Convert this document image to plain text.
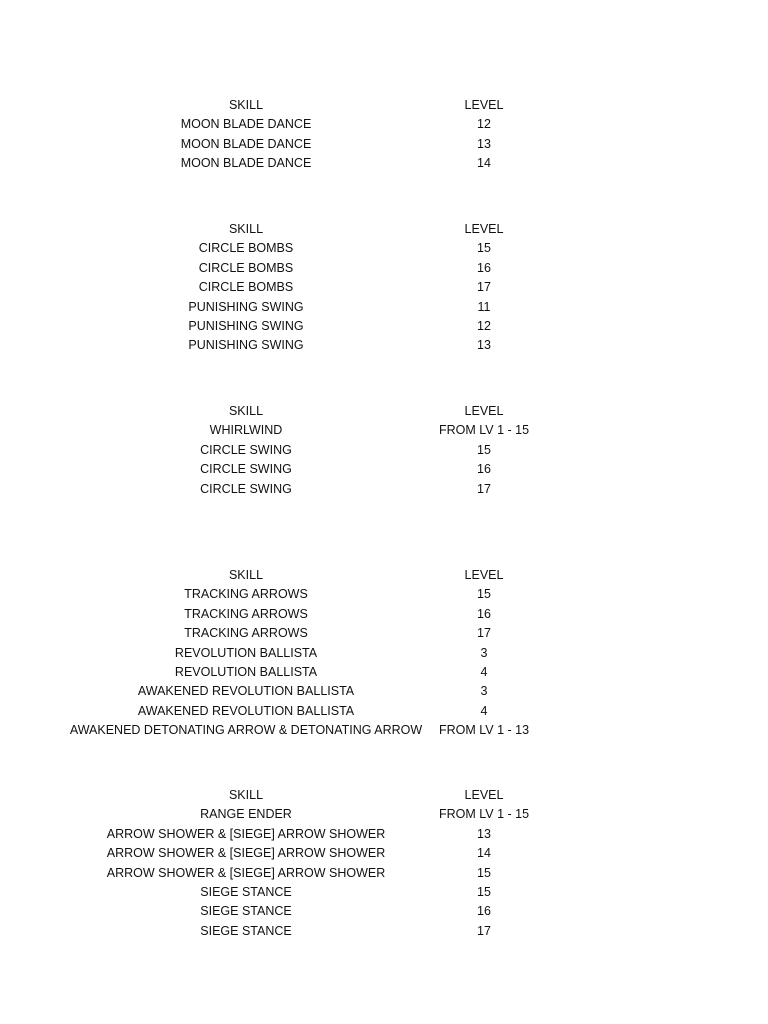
SKILL	LEVEL
MOON BLADE DANCE	12
MOON BLADE DANCE	13
MOON BLADE DANCE	14
SKILL	LEVEL
CIRCLE BOMBS	15
CIRCLE BOMBS	16
CIRCLE BOMBS	17
PUNISHING SWING	11
PUNISHING SWING	12
PUNISHING SWING	13
SKILL	LEVEL
WHIRLWIND	FROM LV 1 - 15
CIRCLE SWING	15
CIRCLE SWING	16
CIRCLE SWING	17
SKILL	LEVEL
TRACKING ARROWS	15
TRACKING ARROWS	16
TRACKING ARROWS	17
REVOLUTION BALLISTA	3
REVOLUTION BALLISTA	4
AWAKENED REVOLUTION BALLISTA	3
AWAKENED REVOLUTION BALLISTA	4
AWAKENED DETONATING ARROW & DETONATING ARROW FROM LV 1 - 13
SKILL	LEVEL
RANGE ENDER	FROM LV 1 - 15
ARROW SHOWER & [SIEGE] ARROW SHOWER	13
ARROW SHOWER & [SIEGE] ARROW SHOWER	14
ARROW SHOWER & [SIEGE] ARROW SHOWER	15
SIEGE STANCE	15
SIEGE STANCE	16
SIEGE STANCE	17
